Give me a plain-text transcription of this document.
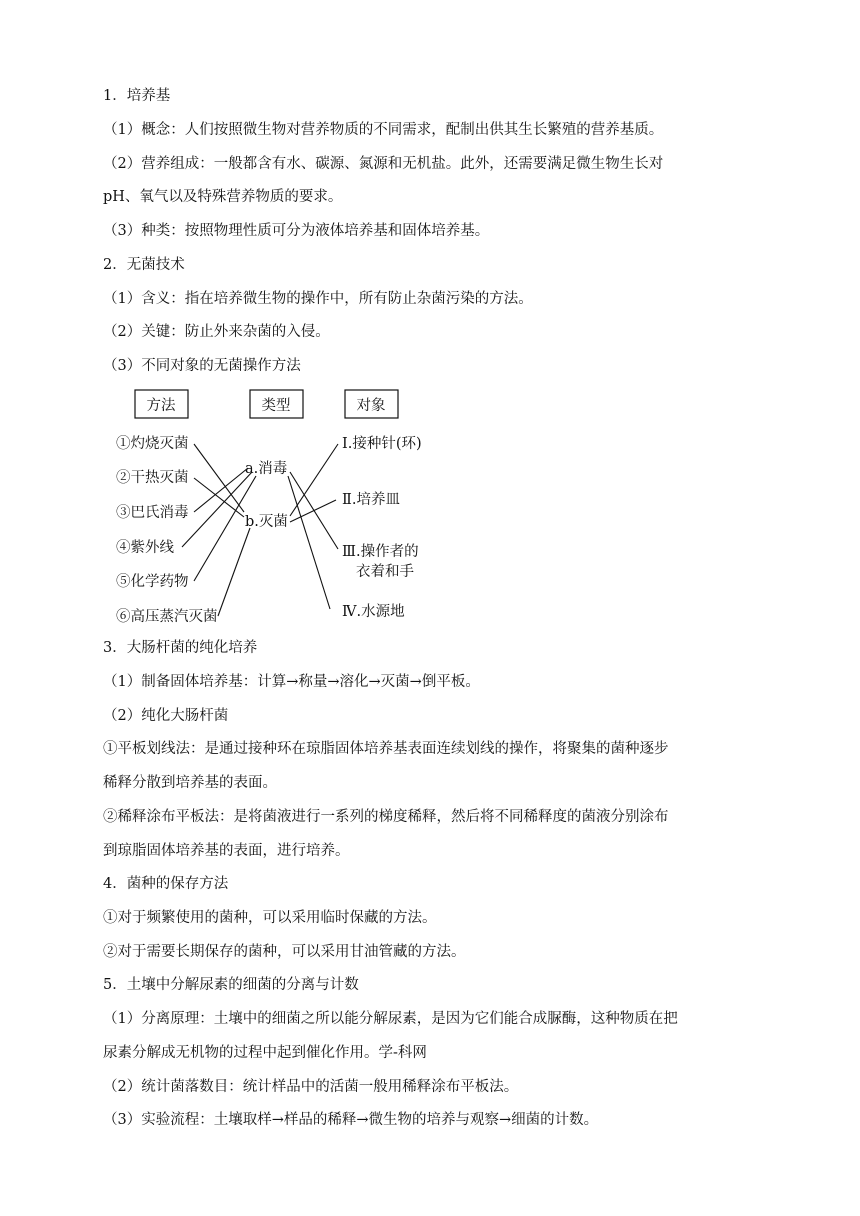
1．培养基
（1）概念：人们按照微生物对营养物质的不同需求，配制出供其生长繁殖的营养基质。
（2）营养组成：一般都含有水、碳源、氮源和无机盐。此外，还需要满足微生物生长对
pH、氧气以及特殊营养物质的要求。
（3）种类：按照物理性质可分为液体培养基和固体培养基。
2．无菌技术
（1）含义：指在培养微生物的操作中，所有防止杂菌污染的方法。
（2）关键：防止外来杂菌的入侵。
（3）不同对象的无菌操作方法
方法	类型	对象
①灼烧灭菌
②干热灭菌
③巴氏消毒
④紫外线
⑤化学药物
⑥高压蒸汽灭菌
a.消毒
b.灭菌
Ⅰ.接种针(环)
Ⅱ.培养皿
Ⅲ.操作者的
衣着和手
Ⅳ.水源地
3．大肠杆菌的纯化培养
（1）制备固体培养基：计算→称量→溶化→灭菌→倒平板。
（2）纯化大肠杆菌
①平板划线法：是通过接种环在琼脂固体培养基表面连续划线的操作，将聚集的菌种逐步
稀释分散到培养基的表面。
②稀释涂布平板法：是将菌液进行一系列的梯度稀释，然后将不同稀释度的菌液分别涂布
到琼脂固体培养基的表面，进行培养。
4．菌种的保存方法
①对于频繁使用的菌种，可以采用临时保藏的方法。
②对于需要长期保存的菌种，可以采用甘油管藏的方法。
5．土壤中分解尿素的细菌的分离与计数
（1）分离原理：土壤中的细菌之所以能分解尿素，是因为它们能合成脲酶，这种物质在把
尿素分解成无机物的过程中起到催化作用。学-科网
（2）统计菌落数目：统计样品中的活菌一般用稀释涂布平板法。
（3）实验流程：土壤取样→样品的稀释→微生物的培养与观察→细菌的计数。
